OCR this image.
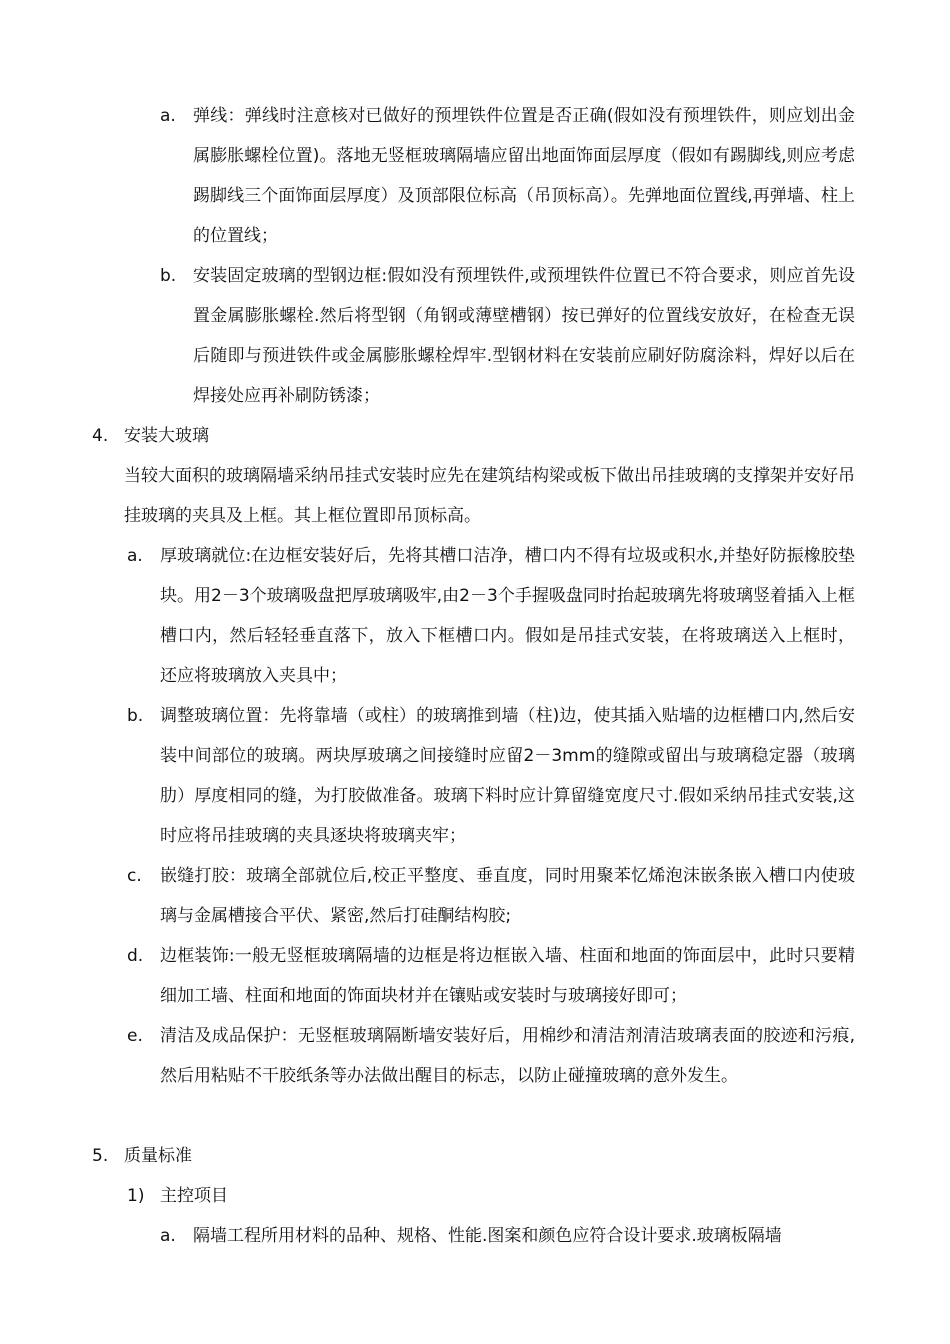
a. 弹线：弹线时注意核对已做好的预埋铁件位置是否正确(假如没有预埋铁件，则应划出金属膨胀螺栓位置)。落地无竖框玻璃隔墙应留出地面饰面层厚度（假如有踢脚线,则应考虑踢脚线三个面饰面层厚度）及顶部限位标高（吊顶标高）。先弹地面位置线,再弹墙、柱上的位置线；
b. 安装固定玻璃的型钢边框:假如没有预埋铁件,或预埋铁件位置已不符合要求，则应首先设置金属膨胀螺栓.然后将型钢（角钢或薄壁槽钢）按已弹好的位置线安放好，在检查无误后随即与预进铁件或金属膨胀螺栓焊牢.型钢材料在安装前应刷好防腐涂料，焊好以后在焊接处应再补刷防锈漆；
4. 安装大玻璃
当较大面积的玻璃隔墙采纳吊挂式安装时应先在建筑结构梁或板下做出吊挂玻璃的支撑架并安好吊挂玻璃的夹具及上框。其上框位置即吊顶标高。
a. 厚玻璃就位:在边框安装好后，先将其槽口洁净，槽口内不得有垃圾或积水,并垫好防振橡胶垫块。用2－3个玻璃吸盘把厚玻璃吸牢,由2－3个手握吸盘同时抬起玻璃先将玻璃竖着插入上框槽口内，然后轻轻垂直落下，放入下框槽口内。假如是吊挂式安装，在将玻璃送入上框时，还应将玻璃放入夹具中；
b. 调整玻璃位置：先将靠墙（或柱）的玻璃推到墙（柱)边，使其插入贴墙的边框槽口内,然后安装中间部位的玻璃。两块厚玻璃之间接缝时应留2－3mm的缝隙或留出与玻璃稳定器（玻璃肋）厚度相同的缝，为打胶做准备。玻璃下料时应计算留缝宽度尺寸.假如采纳吊挂式安装,这时应将吊挂玻璃的夹具逐块将玻璃夹牢；
c. 嵌缝打胶：玻璃全部就位后,校正平整度、垂直度，同时用聚苯忆烯泡沫嵌条嵌入槽口内使玻璃与金属槽接合平伏、紧密,然后打硅酮结构胶;
d. 边框装饰:一般无竖框玻璃隔墙的边框是将边框嵌入墙、柱面和地面的饰面层中，此时只要精细加工墙、柱面和地面的饰面块材并在镶贴或安装时与玻璃接好即可；
e. 清洁及成品保护：无竖框玻璃隔断墙安装好后，用棉纱和清洁剂清洁玻璃表面的胶迹和污痕,然后用粘贴不干胶纸条等办法做出醒目的标志，以防止碰撞玻璃的意外发生。
5. 质量标准
1) 主控项目
a. 隔墙工程所用材料的品种、规格、性能.图案和颜色应符合设计要求.玻璃板隔墙
